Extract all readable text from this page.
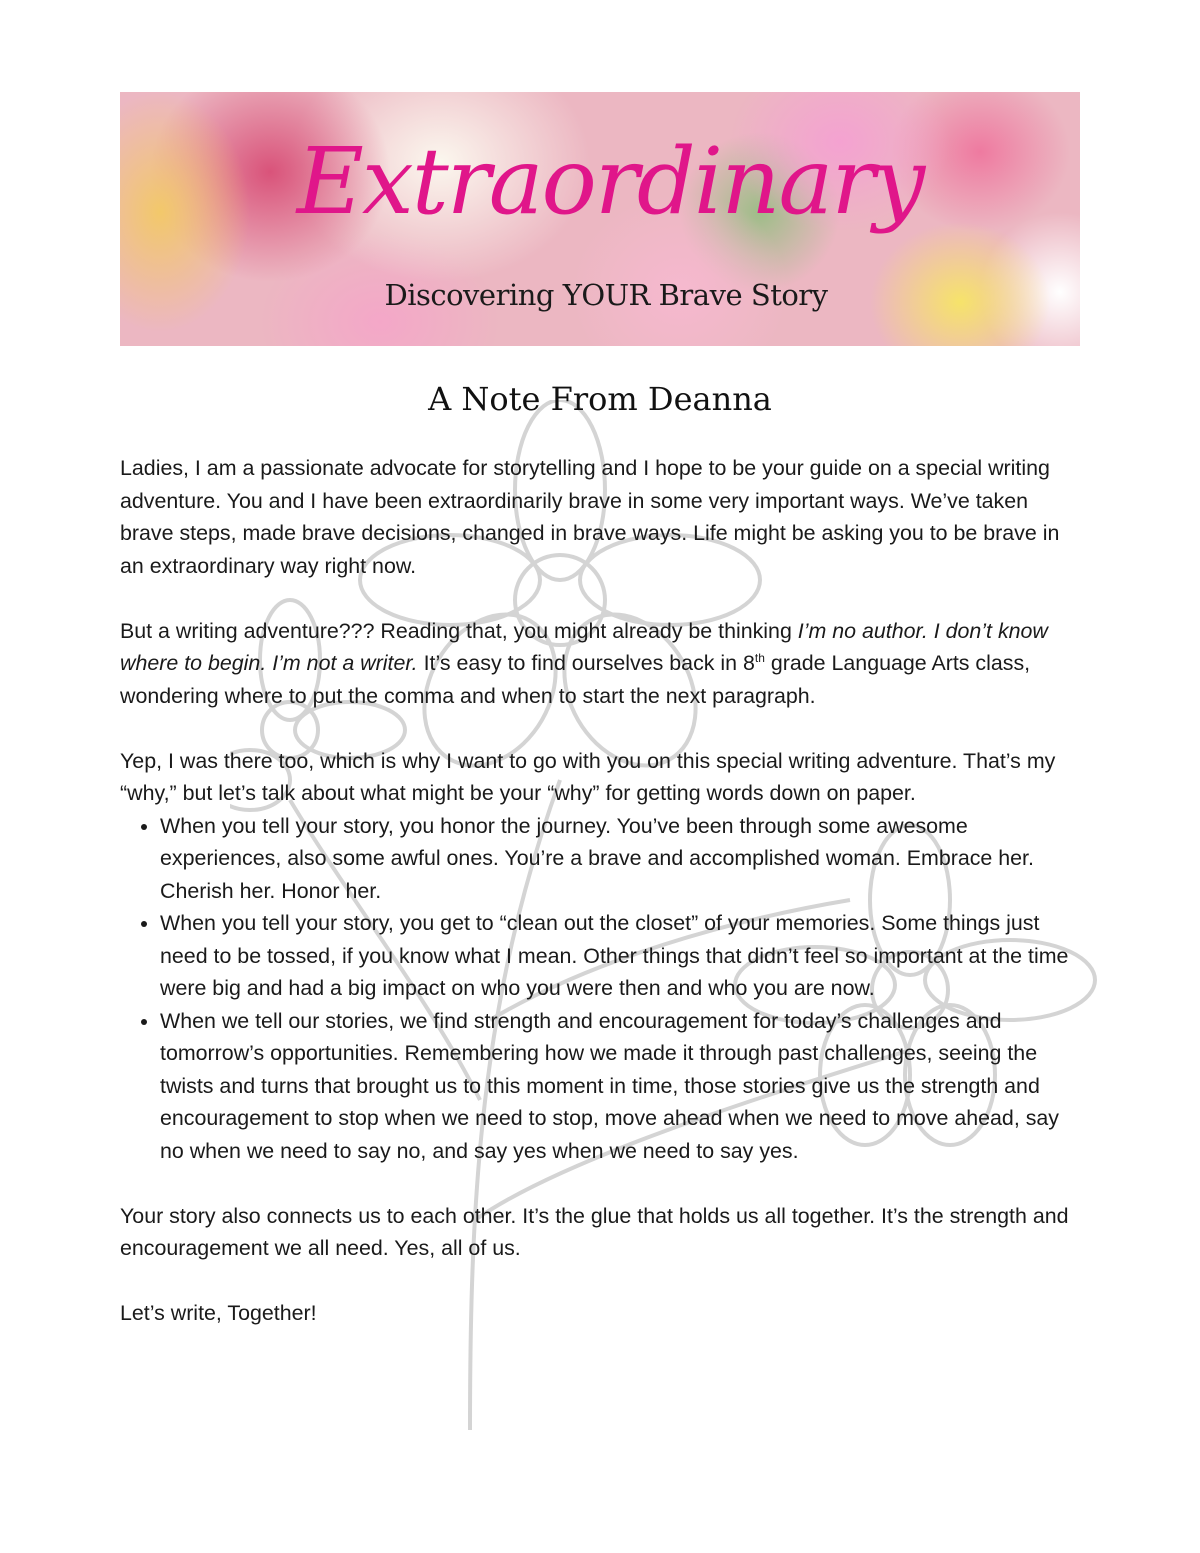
Extraordinary
Discovering YOUR Brave Story
A Note From Deanna

Ladies, I am a passionate advocate for storytelling and I hope to be your guide on a special writing adventure. You and I have been extraordinarily brave in some very important ways. We’ve taken brave steps, made brave decisions, changed in brave ways. Life might be asking you to be brave in an extraordinary way right now.

But a writing adventure??? Reading that, you might already be thinking I’m no author. I don’t know where to begin. I’m not a writer. It’s easy to find ourselves back in 8th grade Language Arts class, wondering where to put the comma and when to start the next paragraph.

Yep, I was there too, which is why I want to go with you on this special writing adventure. That’s my “why,” but let’s talk about what might be your “why” for getting words down on paper.

• When you tell your story, you honor the journey. You’ve been through some awesome experiences, also some awful ones. You’re a brave and accomplished woman. Embrace her. Cherish her. Honor her.
• When you tell your story, you get to “clean out the closet” of your memories. Some things just need to be tossed, if you know what I mean. Other things that didn’t feel so important at the time were big and had a big impact on who you were then and who you are now.
• When we tell our stories, we find strength and encouragement for today’s challenges and tomorrow’s opportunities. Remembering how we made it through past challenges, seeing the twists and turns that brought us to this moment in time, those stories give us the strength and encouragement to stop when we need to stop, move ahead when we need to move ahead, say no when we need to say no, and say yes when we need to say yes.

Your story also connects us to each other. It’s the glue that holds us all together. It’s the strength and encouragement we all need. Yes, all of us.

Let’s write, Together!
